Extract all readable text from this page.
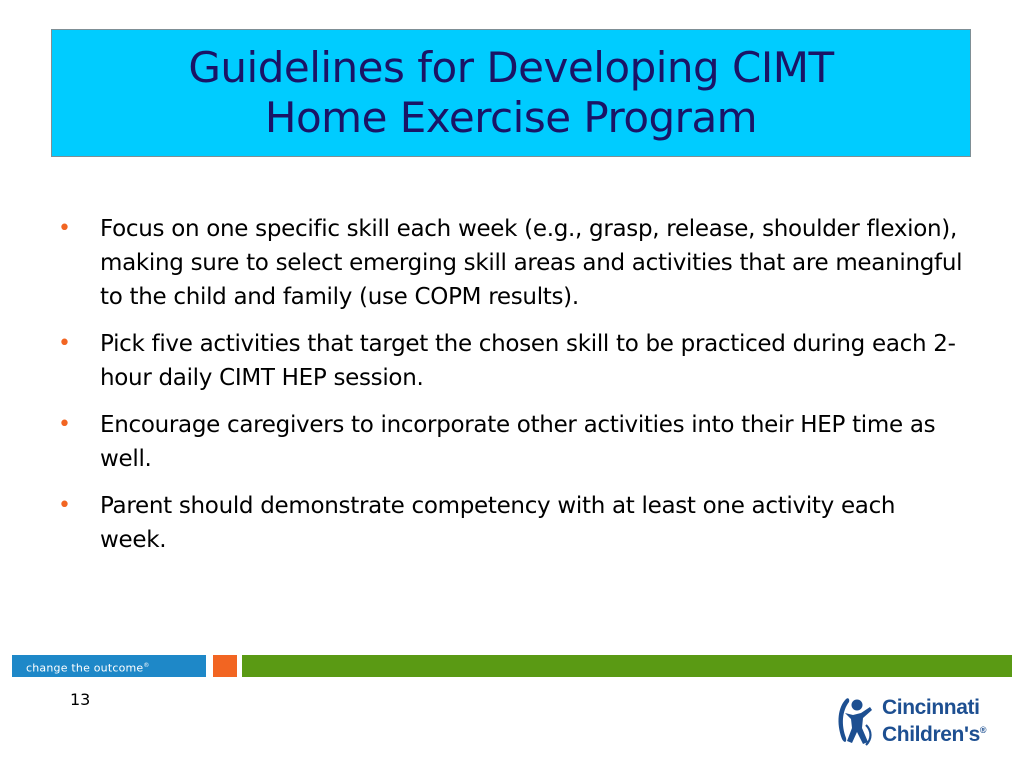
Guidelines for Developing CIMT
Home Exercise Program
• Focus on one specific skill each week (e.g., grasp, release, shoulder flexion), making sure to select emerging skill areas and activities that are meaningful to the child and family (use COPM results).
• Pick five activities that target the chosen skill to be practiced during each 2-hour daily CIMT HEP session.
• Encourage caregivers to incorporate other activities into their HEP time as well.
• Parent should demonstrate competency with at least one activity each week.
change the outcome®
13	Cincinnati
Children's®
